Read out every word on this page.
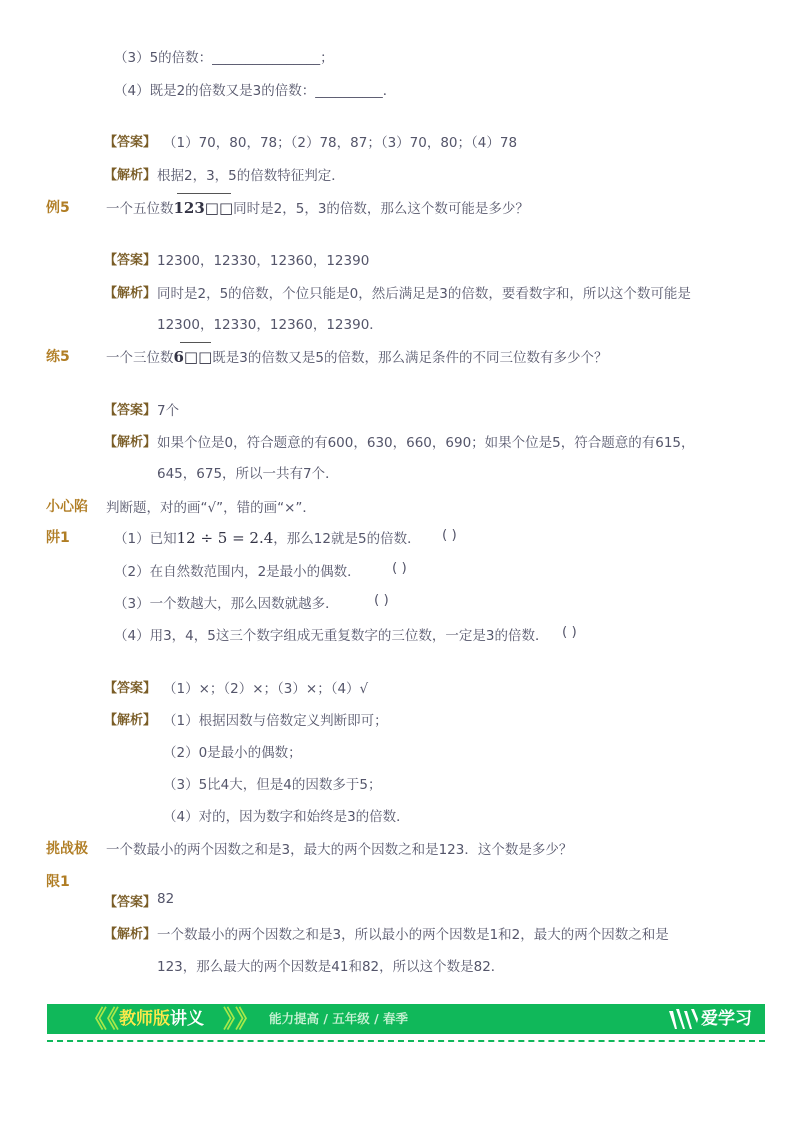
（3）5的倍数：________________；
（4）既是2的倍数又是3的倍数：__________．
【答案】 （1）70，80，78；（2）78，87；（3）70，80；（4）78
【解析】 根据2，3，5的倍数特征判定．
例5	一个五位数123□□同时是2，5，3的倍数，那么这个数可能是多少？
【答案】 12300，12330，12360，12390
【解析】 同时是2，5的倍数，个位只能是0，然后满足是3的倍数，要看数字和，所以这个数可能是
12300，12330，12360，12390．
练5	一个三位数6□□既是3的倍数又是5的倍数，那么满足条件的不同三位数有多少个？
【答案】 7个
【解析】 如果个位是0，符合题意的有600，630，660，690；如果个位是5，符合题意的有615，
645，675，所以一共有7个．
小心陷
阱1
判断题，对的画“√”，错的画“×”．
（1）已知12 ÷ 5 = 2.4，那么12就是5的倍数． ( )
（2）在自然数范围内，2是最小的偶数． ( )
（3）一个数越大，那么因数就越多．	( )
（4）用3，4，5这三个数字组成无重复数字的三位数，一定是3的倍数． ( )
【答案】 （1）×；（2）×；（3）×；（4）√
【解析】 （1）根据因数与倍数定义判断即可；
（2）0是最小的偶数；
（3）5比4大，但是4的因数多于5；
（4）对的，因为数字和始终是3的倍数．
挑战极
限1
一个数最小的两个因数之和是3，最大的两个因数之和是123．这个数是多少？
【答案】 82
【解析】 一个数最小的两个因数之和是3，所以最小的两个因数是1和2，最大的两个因数之和是
123，那么最大的两个因数是41和82，所以这个数是82．
《《 教师版讲义 》》 能力提高 / 五年级 / 春季	爱学习
